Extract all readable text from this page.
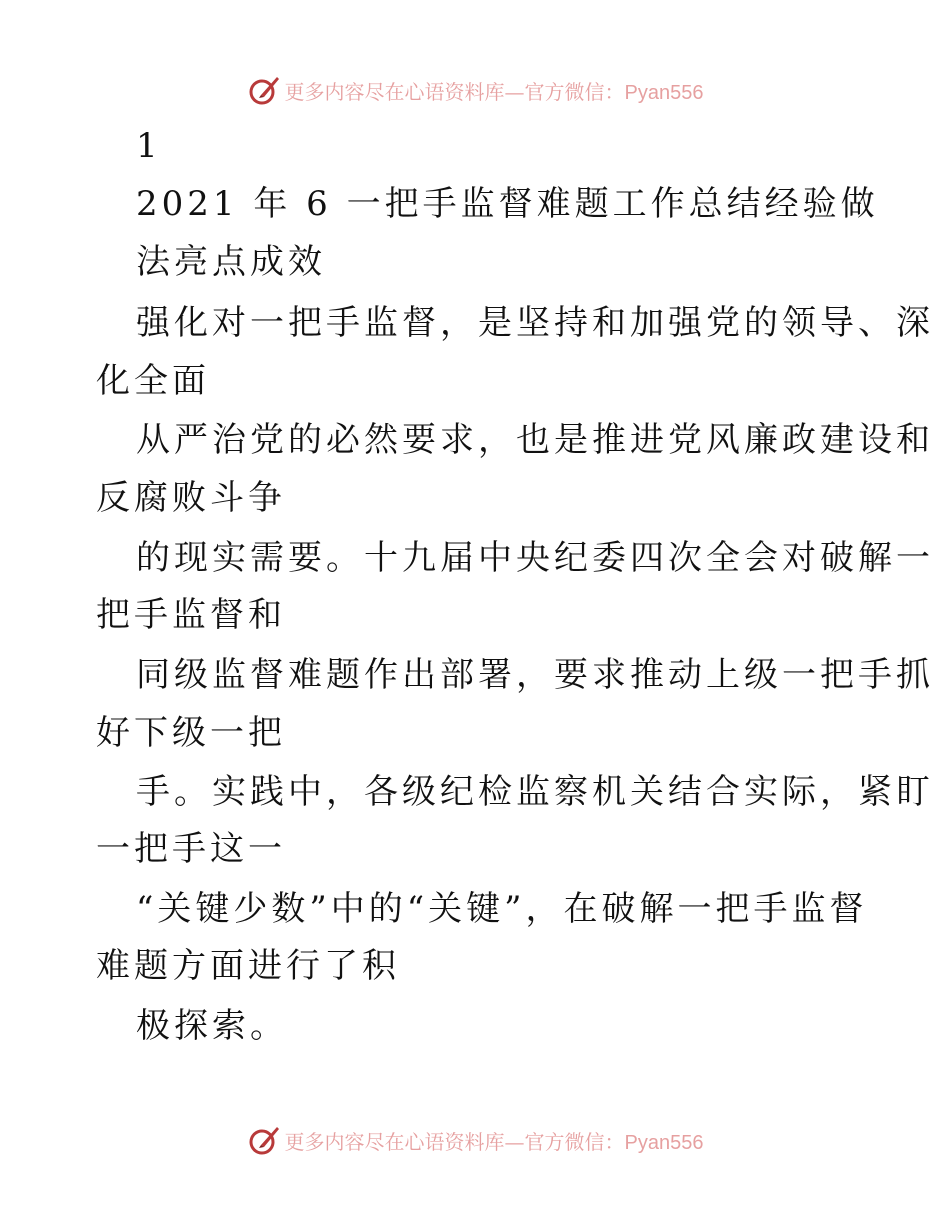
更多内容尽在心语资料库—官方微信：Pyan556
1
2021 年 6 一把手监督难题工作总结经验做
法亮点成效
强化对一把手监督，是坚持和加强党的领导、深
化全面
从严治党的必然要求，也是推进党风廉政建设和
反腐败斗争
的现实需要。十九届中央纪委四次全会对破解一
把手监督和
同级监督难题作出部署，要求推动上级一把手抓
好下级一把
手。实践中，各级纪检监察机关结合实际，紧盯
一把手这一
“关键少数”中的“关键”，在破解一把手监督
难题方面进行了积
极探索。
更多内容尽在心语资料库—官方微信：Pyan556
